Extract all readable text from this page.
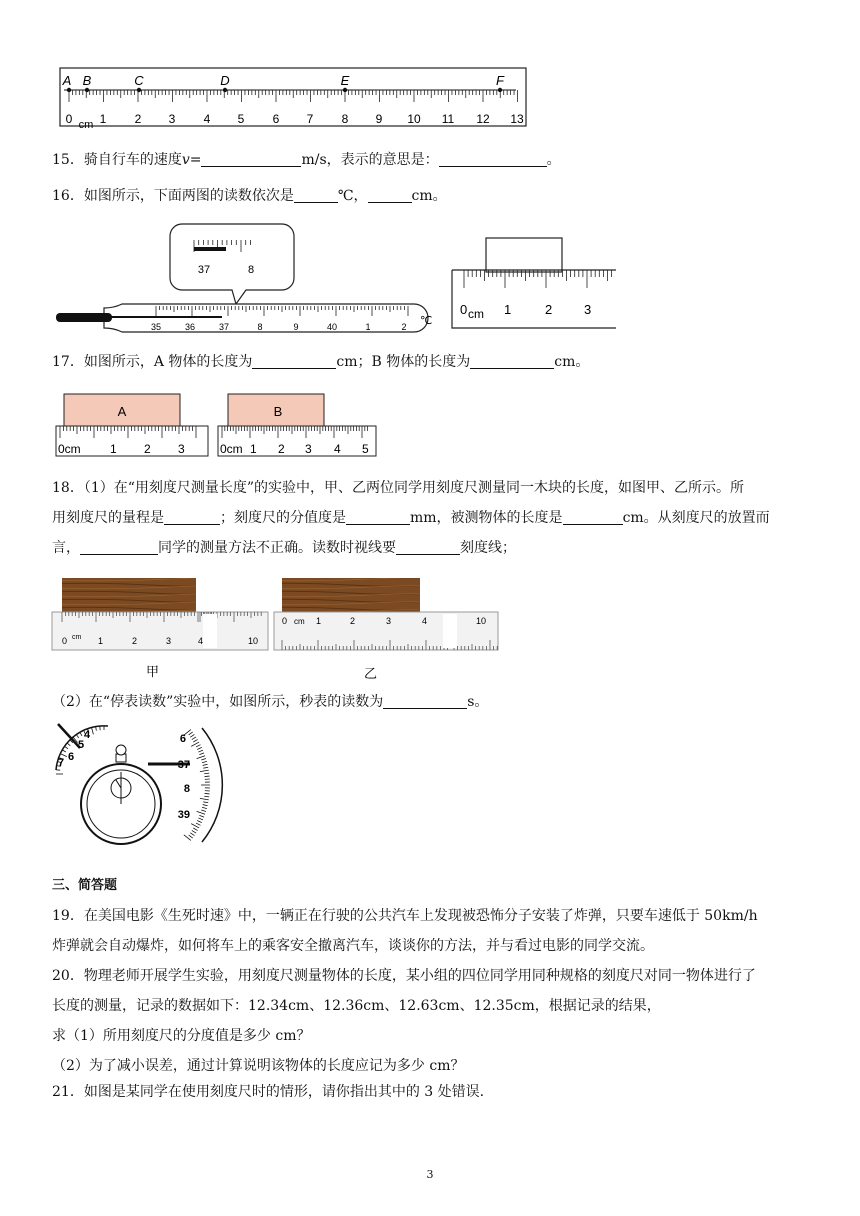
A B	C	D	E	F
0 cm 1 2 3 4 5 6 7 8 9 10 11 12 13
15．骑自行车的速度v=	m/s，表示的意思是：	。
16．如图所示，下面两图的读数依次是	℃，	cm。
37	8
35	36	37	8	9	40	1	2 ℃
0 cm 1	2 3
17．如图所示，A 物体的长度为	cm；B 物体的长度为	cm。
A
0cm 1 2 3
B
0cm 1 2 3 4 5
18．（1）在“用刻度尺测量长度”的实验中，甲、乙两位同学用刻度尺测量同一木块的长度，如图甲、乙所示。所
用刻度尺的量程是	；刻度尺的分值度是	mm，被测物体的长度是	cm。从刻度尺的放置而
言，	同学的测量方法不正确。读数时视线要	刻度线；
0 cm 1	2	3	4	10
甲
0 cm 1	2	3	4	10
乙
（2）在“停表读数”实验中，如图所示，秒表的读数为	s。
4
5
6
7
6
37
8
39
三、简答题
19．在美国电影《生死时速》中，一辆正在行驶的公共汽车上发现被恐怖分子安装了炸弹，只要车速低于 50km/h
炸弹就会自动爆炸，如何将车上的乘客安全撤离汽车，谈谈你的方法，并与看过电影的同学交流。
20．物理老师开展学生实验，用刻度尺测量物体的长度，某小组的四位同学用同种规格的刻度尺对同一物体进行了
长度的测量，记录的数据如下：12.34cm、12.36cm、12.63cm、12.35cm，根据记录的结果，
求（1）所用刻度尺的分度值是多少 cm？
（2）为了减小误差，通过计算说明该物体的长度应记为多少 cm？
21．如图是某同学在使用刻度尺时的情形，请你指出其中的 3 处错误.
3
